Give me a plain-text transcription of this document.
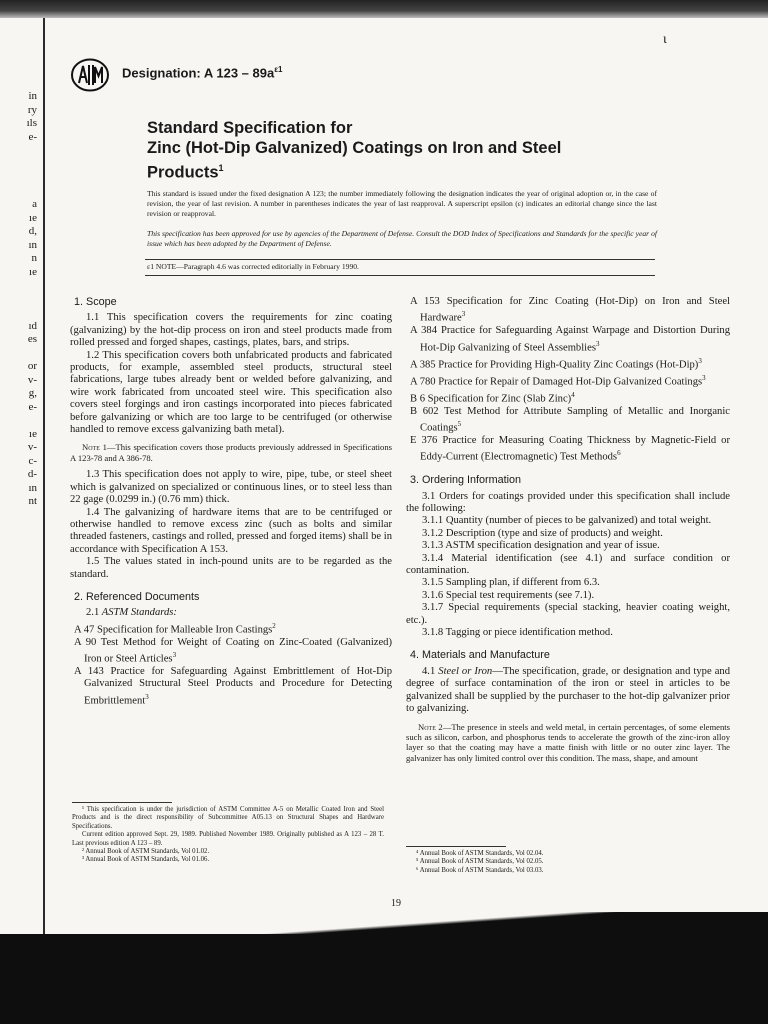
in
ry
ıls
e-

a
ıe
d,
ın
n
ıe

ıd
es

or
v-
g,
e-

ıe
v-
c-
d-
ın
nt
ι
Designation: A $123 - 89a^{\varepsilon 1}$
Standard Specification for
Zinc (Hot-Dip Galvanized) Coatings on Iron and Steel
Products$^1$
This standard is issued under the fixed designation A 123; the number immediately following the designation indicates the year of original adoption or, in the case of revision, the year of last revision. A number in parentheses indicates the year of last reapproval. A superscript epsilon (ε) indicates an editorial change since the last revision or reapproval.
This specification has been approved for use by agencies of the Department of Defense. Consult the DOD Index of Specifications and Standards for the specific year of issue which has been adopted by the Department of Defense.
ε1 NOTE—Paragraph 4.6 was corrected editorially in February 1990.
1. Scope

1.1 This specification covers the requirements for zinc coating (galvanizing) by the hot-dip process on iron and steel products made from rolled pressed and forged shapes, castings, plates, bars, and strips.

1.2 This specification covers both unfabricated products and fabricated products, for example, assembled steel products, structural steel fabrications, large tubes already bent or welded before galvanizing, and wire work fabricated from uncoated steel wire. This specification also covers steel forgings and iron castings incorporated into pieces fabricated before galvanizing or which are too large to be centrifuged (or otherwise handled to remove excess galvanizing bath metal).

Note 1—This specification covers those products previously addressed in Specifications A 123-78 and A 386-78.

1.3 This specification does not apply to wire, pipe, tube, or steel sheet which is galvanized on specialized or continuous lines, or to steel less than 22 gage (0.0299 in.) (0.76 mm) thick.

1.4 The galvanizing of hardware items that are to be centrifuged or otherwise handled to remove excess zinc (such as bolts and similar threaded fasteners, castings and rolled, pressed and forged items) shall be in accordance with Specification A 153.

1.5 The values stated in inch-pound units are to be regarded as the standard.

2. Referenced Documents

2.1 ASTM Standards:

A 47 Specification for Malleable Iron Castings$^2$

A 90 Test Method for Weight of Coating on Zinc-Coated (Galvanized) Iron or Steel Articles$^3$

A 143 Practice for Safeguarding Against Embrittlement of Hot-Dip Galvanized Structural Steel Products and Procedure for Detecting Embrittlement$^3$

A 153 Specification for Zinc Coating (Hot-Dip) on Iron and Steel Hardware$^3$

A 384 Practice for Safeguarding Against Warpage and Distortion During Hot-Dip Galvanizing of Steel Assemblies$^3$

A 385 Practice for Providing High-Quality Zinc Coatings $(Hot-Dip)^3$

A 780 Practice for Repair of Damaged Hot-Dip Galvanized Coatings$^3$

B 6 Specification for Zinc (Slab Zinc)$^4$

B 602 Test Method for Attribute Sampling of Metallic and Inorganic Coatings$^5$

E 376 Practice for Measuring Coating Thickness by Magnetic-Field or Eddy-Current (Electromagnetic) Test Methods$^6$

3. Ordering Information

3.1 Orders for coatings provided under this specification shall include the following:

3.1.1 Quantity (number of pieces to be galvanized) and total weight.

3.1.2 Description (type and size of products) and weight.

3.1.3 ASTM specification designation and year of issue.

3.1.4 Material identification (see 4.1) and surface condition or contamination.

3.1.5 Sampling plan, if different from 6.3.

3.1.6 Special test requirements (see 7.1).

3.1.7 Special requirements (special stacking, heavier coating weight, etc.).

3.1.8 Tagging or piece identification method.

4. Materials and Manufacture

4.1 Steel or Iron—The specification, grade, or designation and type and degree of surface contamination of the iron or steel in articles to be galvanized shall be supplied by the purchaser to the hot-dip galvanizer prior to galvanizing.

Note 2—The presence in steels and weld metal, in certain percentages, of some elements such as silicon, carbon, and phosphorus tends to accelerate the growth of the zinc-iron alloy layer so that the coating may have a matte finish with little or no outer zinc layer. The galvanizer has only limited control over this condition. The mass, shape, and amount

¹ This specification is under the jurisdiction of ASTM Committee A-5 on Metallic Coated Iron and Steel Products and is the direct responsibility of Subcommittee A05.13 on Structural Shapes and Hardware Specifications.

Current edition approved Sept. 29, 1989. Published November 1989. Originally published as A 123 – 28 T. Last previous edition A 123 – 89.

² Annual Book of ASTM Standards, Vol 01.02.

³ Annual Book of ASTM Standards, Vol 01.06.

⁴ Annual Book of ASTM Standards, Vol 02.04.

⁵ Annual Book of ASTM Standards, Vol 02.05.

⁶ Annual Book of ASTM Standards, Vol 03.03.

19
